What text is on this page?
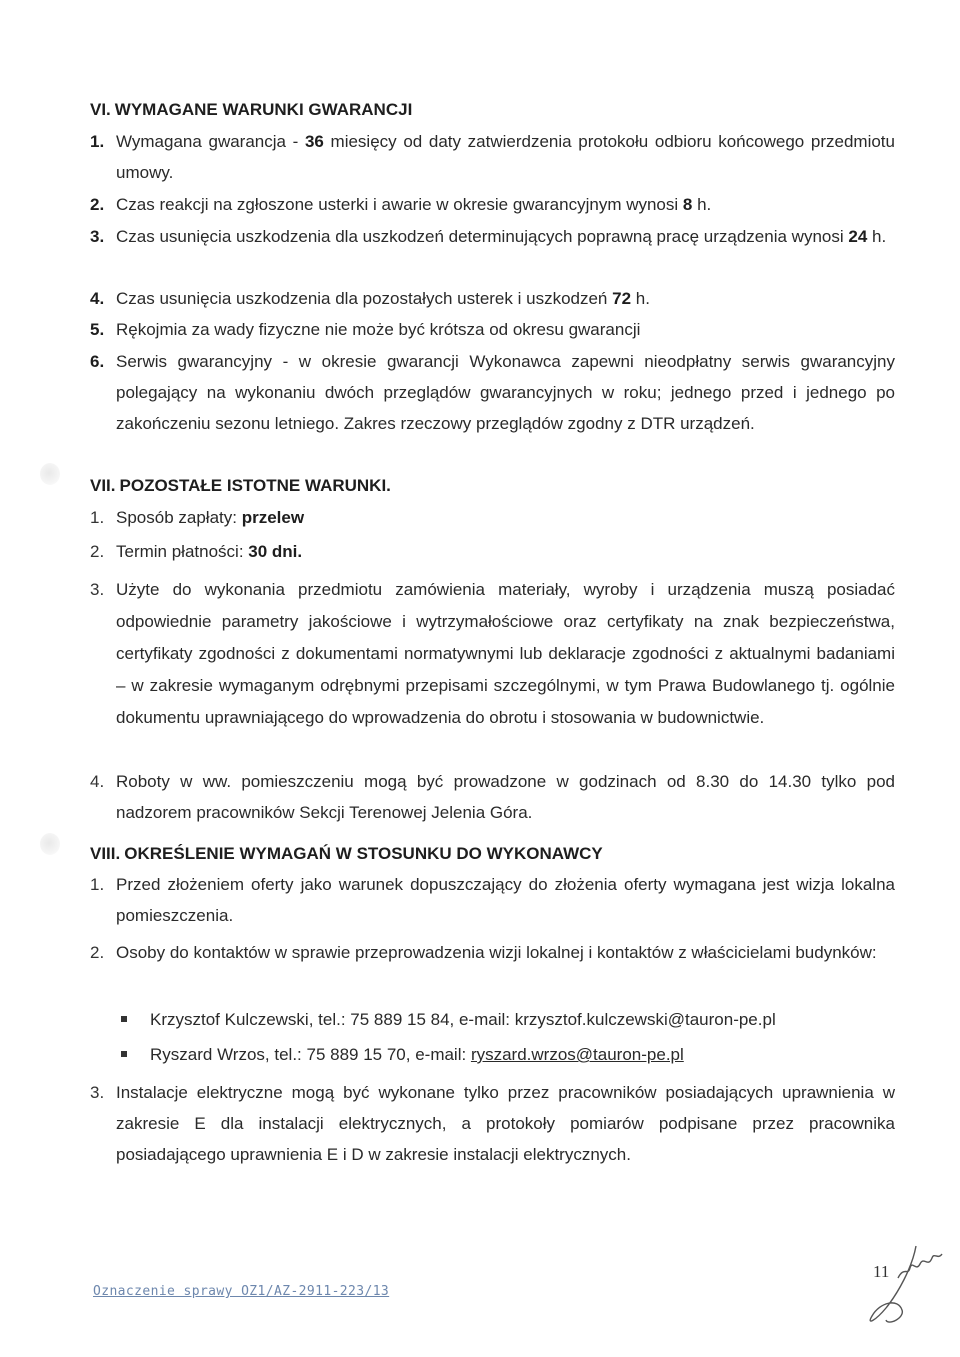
VI. WYMAGANE WARUNKI GWARANCJI
1. Wymagana gwarancja - 36 miesięcy od daty zatwierdzenia protokołu odbioru końcowego przedmiotu umowy.
2. Czas reakcji na zgłoszone usterki i awarie w okresie gwarancyjnym wynosi 8 h.
3. Czas usunięcia uszkodzenia dla uszkodzeń determinujących poprawną pracę urządzenia wynosi 24 h.
4. Czas usunięcia uszkodzenia dla pozostałych usterek i uszkodzeń 72 h.
5. Rękojmia za wady fizyczne nie może być krótsza od okresu gwarancji
6. Serwis gwarancyjny - w okresie gwarancji Wykonawca zapewni nieodpłatny serwis gwarancyjny polegający na wykonaniu dwóch przeglądów gwarancyjnych w roku; jednego przed i jednego po zakończeniu sezonu letniego. Zakres rzeczowy przeglądów zgodny z DTR urządzeń.
VII. POZOSTAŁE ISTOTNE WARUNKI.
1. Sposób zapłaty: przelew
2. Termin płatności: 30 dni.
3. Użyte do wykonania przedmiotu zamówienia materiały, wyroby i urządzenia muszą posiadać odpowiednie parametry jakościowe i wytrzymałościowe oraz certyfikaty na znak bezpieczeństwa, certyfikaty zgodności z dokumentami normatywnymi lub deklaracje zgodności z aktualnymi badaniami – w zakresie wymaganym odrębnymi przepisami szczególnymi, w tym Prawa Budowlanego tj. ogólnie dokumentu uprawniającego do wprowadzenia do obrotu i stosowania w budownictwie.
4. Roboty w ww. pomieszczeniu mogą być prowadzone w godzinach od 8.30 do 14.30 tylko pod nadzorem pracowników Sekcji Terenowej Jelenia Góra.
VIII. OKREŚLENIE WYMAGAŃ W STOSUNKU DO WYKONAWCY
1. Przed złożeniem oferty jako warunek dopuszczający do złożenia oferty wymagana jest wizja lokalna pomieszczenia.
2. Osoby do kontaktów w sprawie przeprowadzenia wizji lokalnej i kontaktów z właścicielami budynków:
Krzysztof Kulczewski, tel.: 75 889 15 84, e-mail: krzysztof.kulczewski@tauron-pe.pl
Ryszard Wrzos, tel.: 75 889 15 70, e-mail: ryszard.wrzos@tauron-pe.pl
3. Instalacje elektryczne mogą być wykonane tylko przez pracowników posiadających uprawnienia w zakresie E dla instalacji elektrycznych, a protokoły pomiarów podpisane przez pracownika posiadającego uprawnienia E i D w zakresie instalacji elektrycznych.
Oznaczenie sprawy OZ1/AZ-2911-223/13
11
